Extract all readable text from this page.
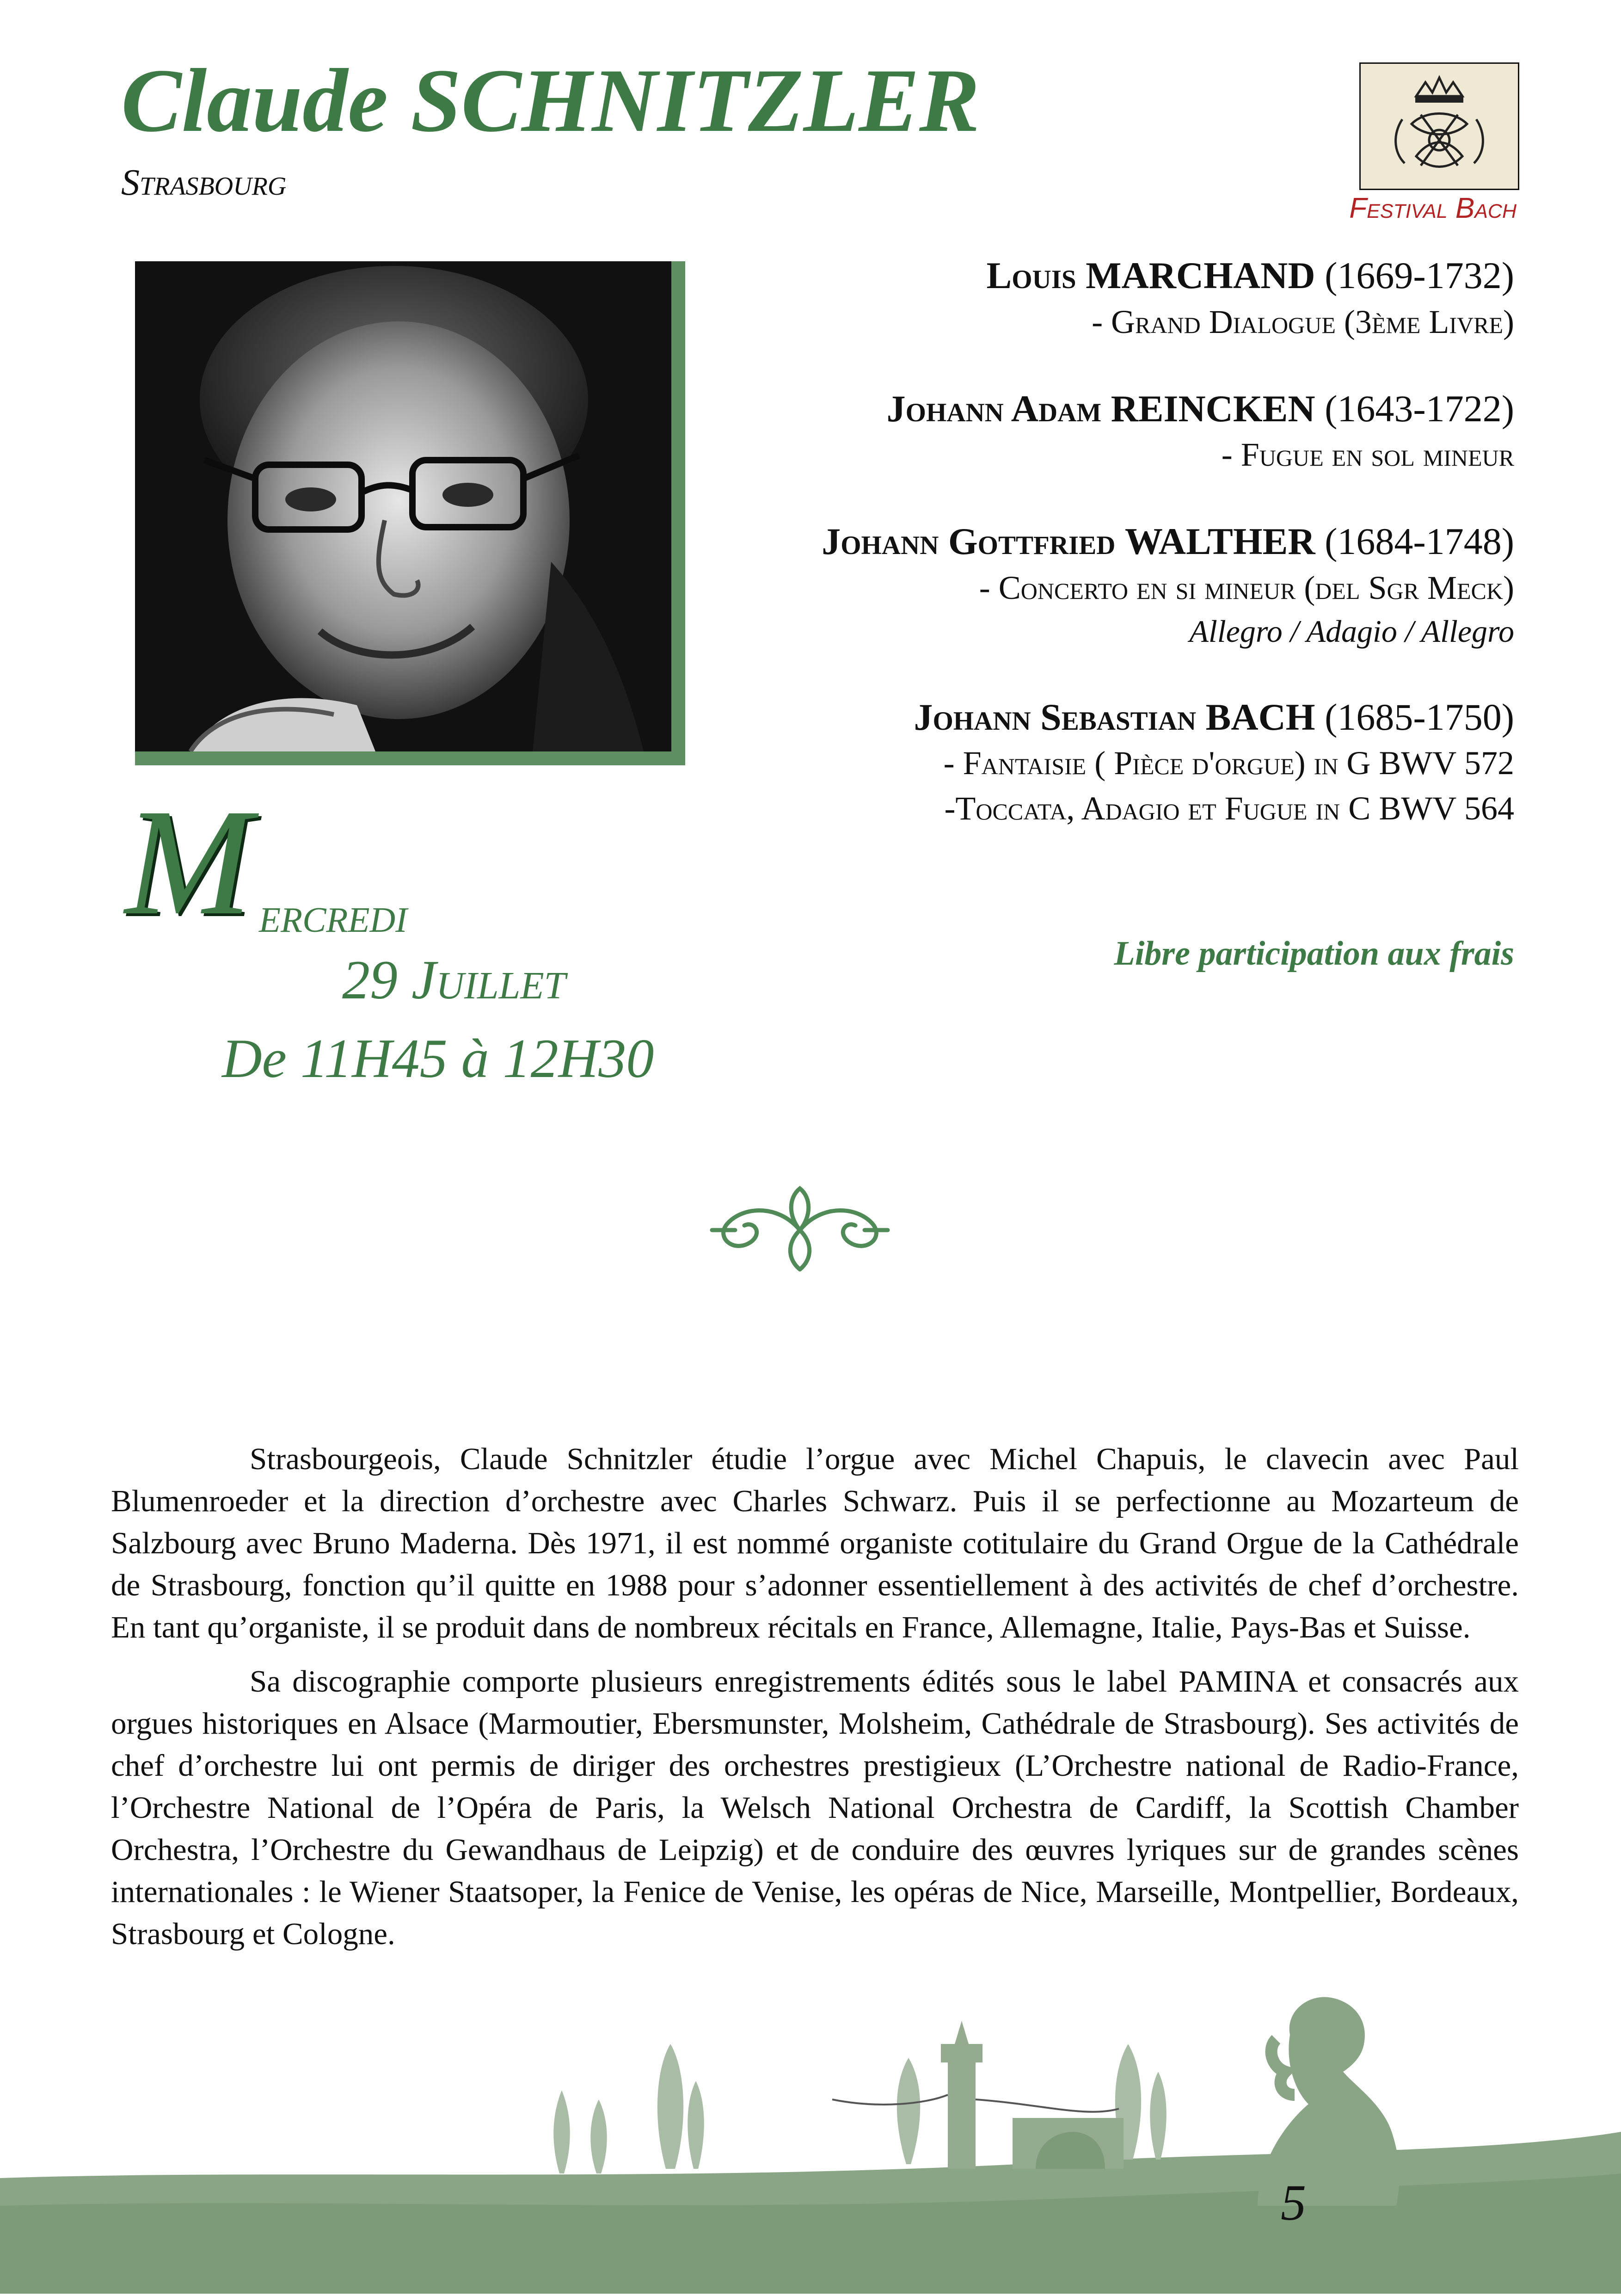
Claude SCHNITZLER
Strasbourg
Festival Bach
Louis MARCHAND (1669-1732)
- Grand Dialogue (3ème Livre)
Johann Adam REINCKEN (1643-1722)
- Fugue en sol mineur
Johann Gottfried WALTHER (1684-1748)
- Concerto en si mineur (del Sgr Meck)
Allegro / Adagio / Allegro
Johann Sebastian BACH (1685-1750)
- Fantaisie ( Pièce d'orgue) in G BWV 572
-Toccata, Adagio et Fugue in C BWV 564
Libre participation aux frais
M ercredi
29 Juillet
De 11H45 à 12H30

Strasbourgeois, Claude Schnitzler étudie l’orgue avec Michel Chapuis, le clavecin avec Paul Blumenroeder et la direction d’orchestre avec Charles Schwarz. Puis il se perfectionne au Mozarteum de Salzbourg avec Bruno Maderna. Dès 1971, il est nommé organiste cotitulaire du Grand Orgue de la Cathédrale de Strasbourg, fonction qu’il quitte en 1988 pour s’adonner essentiellement à des activités de chef d’orchestre. En tant qu’organiste, il se produit dans de nombreux récitals en France, Allemagne, Italie, Pays-Bas et Suisse.

Sa discographie comporte plusieurs enregistrements édités sous le label PAMINA et consacrés aux orgues historiques en Alsace (Marmoutier, Ebersmunster, Molsheim, Cathédrale de Strasbourg). Ses activités de chef d’orchestre lui ont permis de diriger des orchestres prestigieux (L’Orchestre national de Radio-France, l’Orchestre National de l’Opéra de Paris, la Welsch National Orchestra de Cardiff, la Scottish Chamber Orchestra, l’Orchestre du Gewandhaus de Leipzig) et de conduire des œuvres lyriques sur de grandes scènes internationales : le Wiener Staatsoper, la Fenice de Venise, les opéras de Nice, Marseille, Montpellier, Bordeaux, Strasbourg et Cologne.

5
